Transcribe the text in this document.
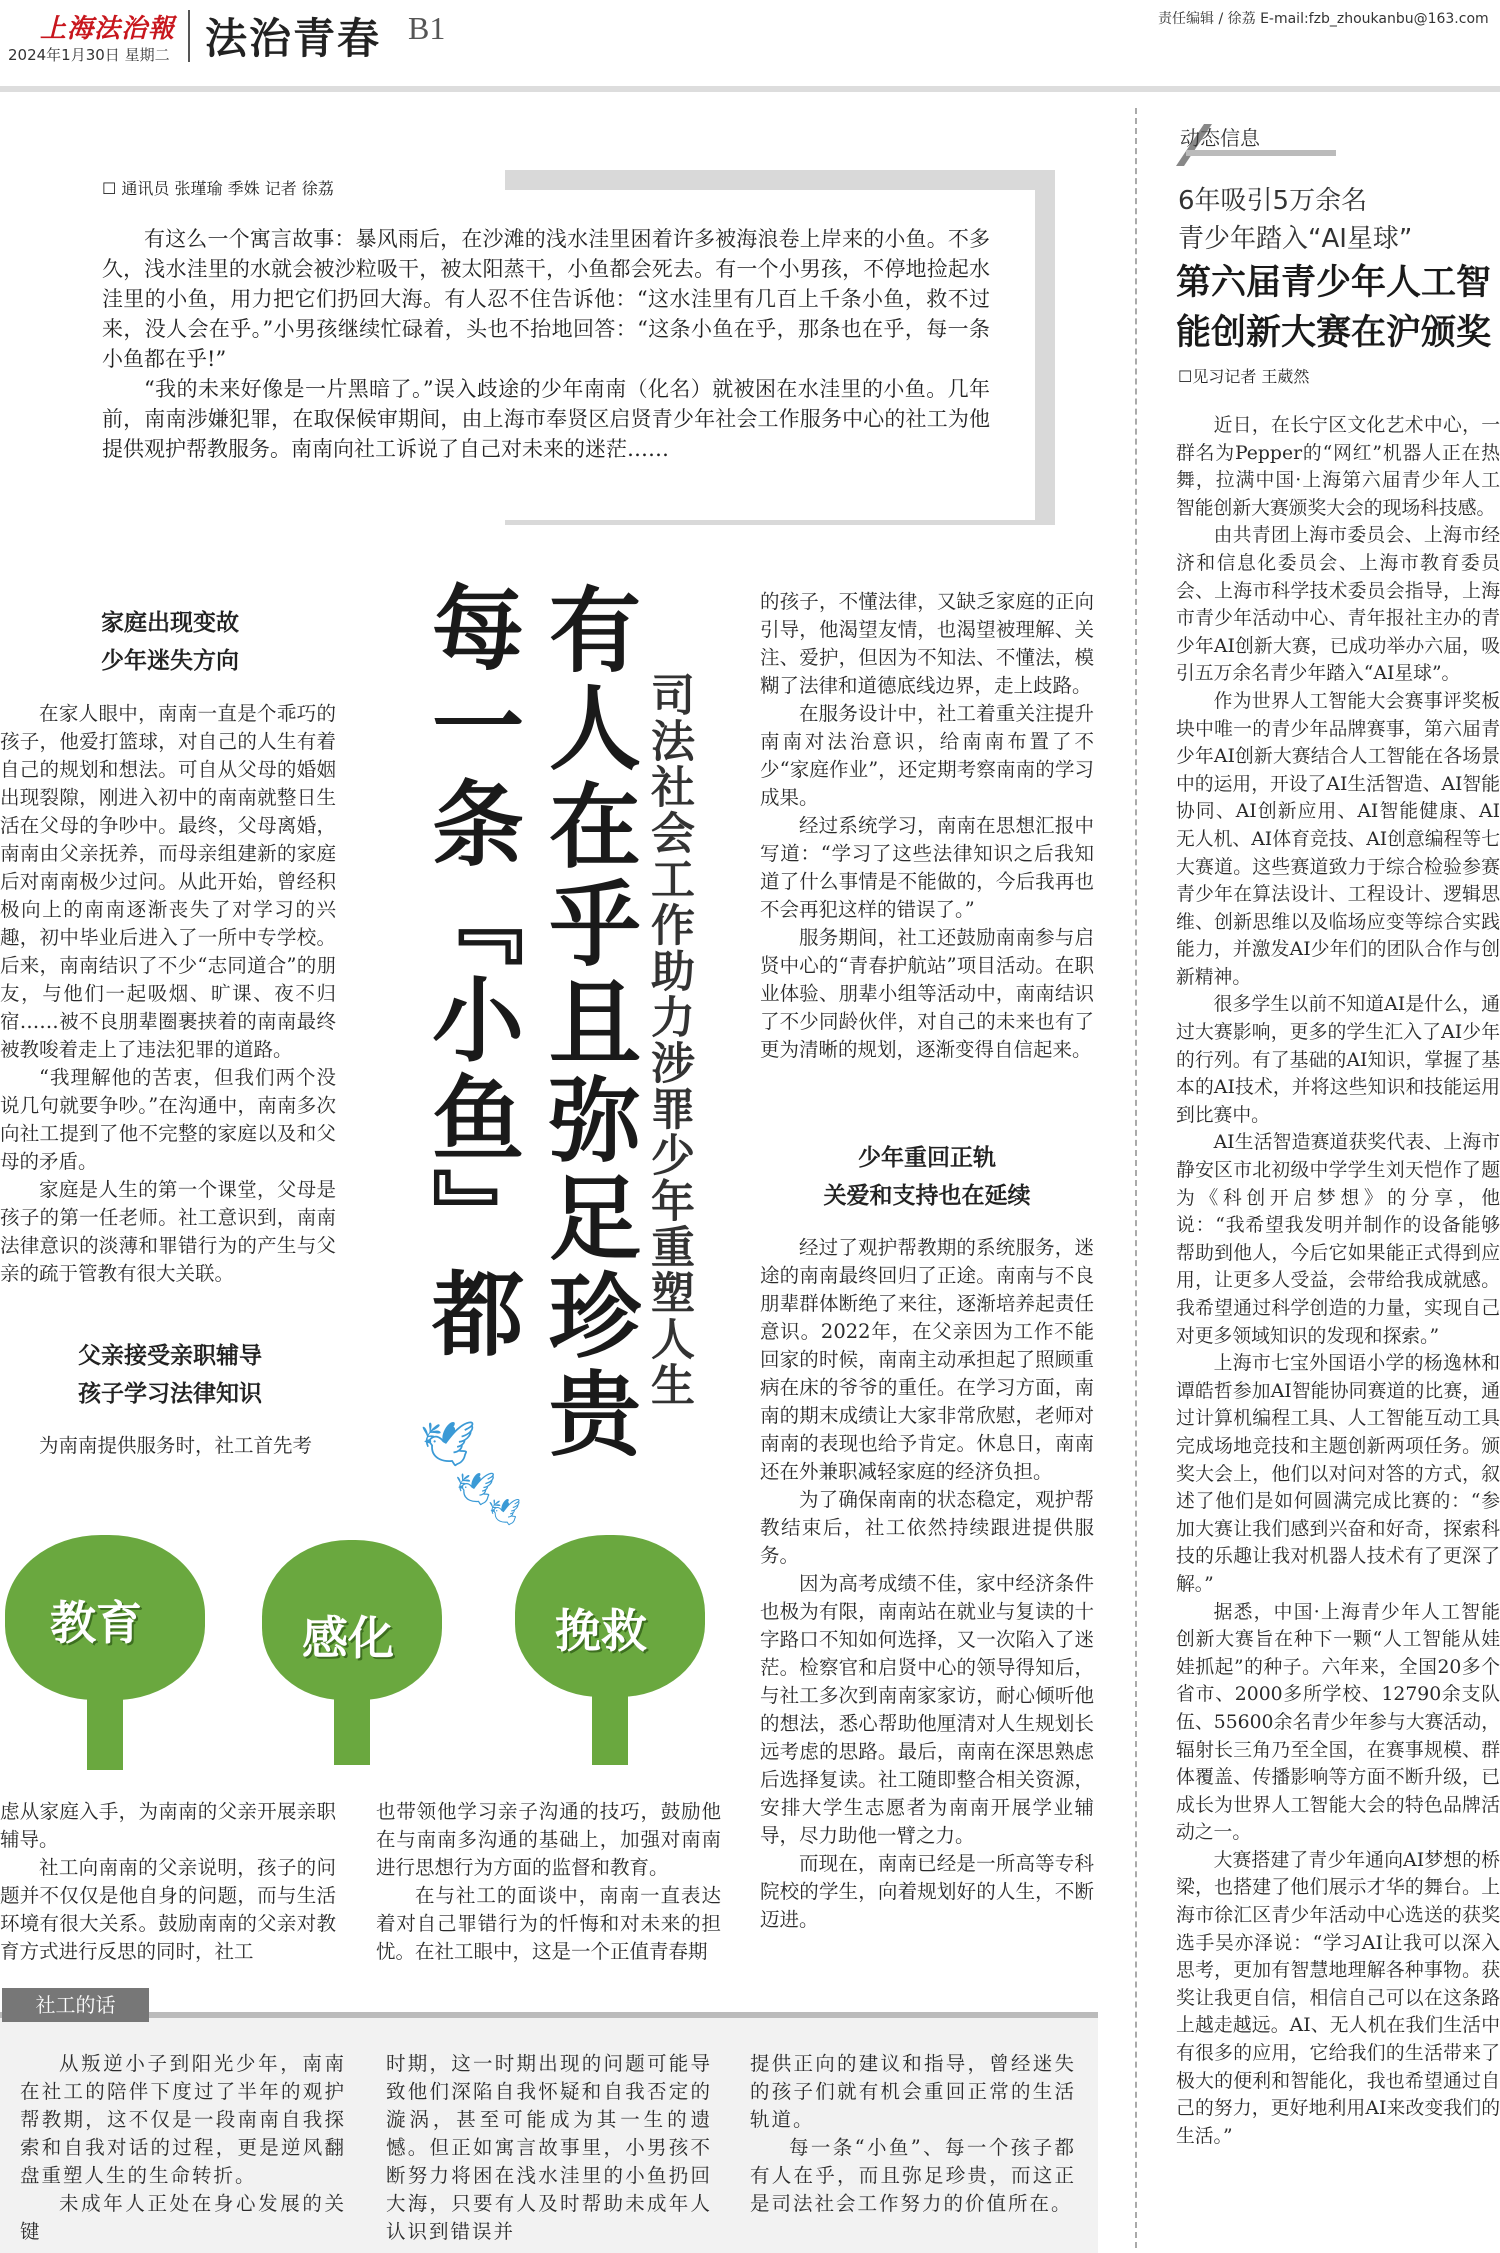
上海法治報
2024年1月30日 星期二 法治青春 B1	责任编辑 / 徐荔 E-mail:fzb_zhoukanbu@163.com
☐ 通讯员 张瑾瑜 季姝 记者 徐荔

有这么一个寓言故事：暴风雨后，在沙滩的浅水洼里困着许多被海浪卷上岸来的小鱼。不多久，浅水洼里的水就会被沙粒吸干，被太阳蒸干，小鱼都会死去。有一个小男孩，不停地捡起水洼里的小鱼，用力把它们扔回大海。有人忍不住告诉他：“这水洼里有几百上千条小鱼，救不过来，没人会在乎。”小男孩继续忙碌着，头也不抬地回答：“这条小鱼在乎，那条也在乎，每一条小鱼都在乎!”

“我的未来好像是一片黑暗了。”误入歧途的少年南南（化名）就被困在水洼里的小鱼。几年前，南南涉嫌犯罪，在取保候审期间，由上海市奉贤区启贤青少年社会工作服务中心的社工为他提供观护帮教服务。南南向社工诉说了自己对未来的迷茫……

有人在乎且弥足珍贵
每一条『小鱼』都	司法社会工作助力涉罪少年重塑人生
家庭出现变故
少年迷失方向

在家人眼中，南南一直是个乖巧的孩子，他爱打篮球，对自己的人生有着自己的规划和想法。可自从父母的婚姻出现裂隙，刚进入初中的南南就整日生活在父母的争吵中。最终，父母离婚，南南由父亲抚养，而母亲组建新的家庭后对南南极少过问。从此开始，曾经积极向上的南南逐渐丧失了对学习的兴趣，初中毕业后进入了一所中专学校。后来，南南结识了不少“志同道合”的朋友，与他们一起吸烟、旷课、夜不归宿……被不良朋辈圈裹挟着的南南最终被教唆着走上了违法犯罪的道路。

“我理解他的苦衷，但我们两个没说几句就要争吵。”在沟通中，南南多次向社工提到了他不完整的家庭以及和父母的矛盾。

家庭是人生的第一个课堂，父母是孩子的第一任老师。社工意识到，南南法律意识的淡薄和罪错行为的产生与父亲的疏于管教有很大关联。

父亲接受亲职辅导
孩子学习法律知识

为南南提供服务时，社工首先考

的孩子，不懂法律，又缺乏家庭的正向引导，他渴望友情，也渴望被理解、关注、爱护，但因为不知法、不懂法，模糊了法律和道德底线边界，走上歧路。

在服务设计中，社工着重关注提升南南对法治意识，给南南布置了不少“家庭作业”，还定期考察南南的学习成果。

经过系统学习，南南在思想汇报中写道：“学习了这些法律知识之后我知道了什么事情是不能做的，今后我再也不会再犯这样的错误了。”

服务期间，社工还鼓励南南参与启贤中心的“青春护航站”项目活动。在职业体验、朋辈小组等活动中，南南结识了不少同龄伙伴，对自己的未来也有了更为清晰的规划，逐渐变得自信起来。

少年重回正轨
关爱和支持也在延续

经过了观护帮教期的系统服务，迷途的南南最终回归了正途。南南与不良朋辈群体断绝了来往，逐渐培养起责任意识。2022年，在父亲因为工作不能回家的时候，南南主动承担起了照顾重病在床的爷爷的重任。在学习方面，南南的期末成绩让大家非常欣慰，老师对南南的表现也给予肯定。休息日，南南还在外兼职减轻家庭的经济负担。

为了确保南南的状态稳定，观护帮教结束后，社工依然持续跟进提供服务。

因为高考成绩不佳，家中经济条件也极为有限，南南站在就业与复读的十字路口不知如何选择，又一次陷入了迷茫。检察官和启贤中心的领导得知后，与社工多次到南南家家访，耐心倾听他的想法，悉心帮助他厘清对人生规划长远考虑的思路。最后，南南在深思熟虑后选择复读。社工随即整合相关资源，安排大学生志愿者为南南开展学业辅导，尽力助他一臂之力。

而现在，南南已经是一所高等专科院校的学生，向着规划好的人生，不断迈进。

🕊
🕊
🕊
教育	感化	挽救

虑从家庭入手，为南南的父亲开展亲职辅导。

社工向南南的父亲说明，孩子的问题并不仅仅是他自身的问题，而与生活环境有很大关系。鼓励南南的父亲对教育方式进行反思的同时，社工

也带领他学习亲子沟通的技巧，鼓励他在与南南多沟通的基础上，加强对南南进行思想行为方面的监督和教育。

在与社工的面谈中，南南一直表达着对自己罪错行为的忏悔和对未来的担忧。在社工眼中，这是一个正值青春期

社工的话

从叛逆小子到阳光少年，南南在社工的陪伴下度过了半年的观护帮教期，这不仅是一段南南自我探索和自我对话的过程，更是逆风翻盘重塑人生的生命转折。

未成年人正处在身心发展的关键

时期，这一时期出现的问题可能导致他们深陷自我怀疑和自我否定的漩涡，甚至可能成为其一生的遗憾。但正如寓言故事里，小男孩不断努力将困在浅水洼里的小鱼扔回大海，只要有人及时帮助未成年人认识到错误并

提供正向的建议和指导，曾经迷失的孩子们就有机会重回正常的生活轨道。

每一条“小鱼”、每一个孩子都有人在乎，而且弥足珍贵，而这正是司法社会工作努力的价值所在。

动态信息
6年吸引5万余名
青少年踏入“AI星球”
第六届青少年人工智能创新大赛在沪颁奖
☐见习记者 王葳然

近日，在长宁区文化艺术中心，一群名为Pepper的“网红”机器人正在热舞，拉满中国·上海第六届青少年人工智能创新大赛颁奖大会的现场科技感。

由共青团上海市委员会、上海市经济和信息化委员会、上海市教育委员会、上海市科学技术委员会指导，上海市青少年活动中心、青年报社主办的青少年AI创新大赛，已成功举办六届，吸引五万余名青少年踏入“AI星球”。

作为世界人工智能大会赛事评奖板块中唯一的青少年品牌赛事，第六届青少年AI创新大赛结合人工智能在各场景中的运用，开设了AI生活智造、AI智能协同、AI创新应用、AI智能健康、AI无人机、AI体育竞技、AI创意编程等七大赛道。这些赛道致力于综合检验参赛青少年在算法设计、工程设计、逻辑思维、创新思维以及临场应变等综合实践能力，并激发AI少年们的团队合作与创新精神。

很多学生以前不知道AI是什么，通过大赛影响，更多的学生汇入了AI少年的行列。有了基础的AI知识，掌握了基本的AI技术，并将这些知识和技能运用到比赛中。

AI生活智造赛道获奖代表、上海市静安区市北初级中学学生刘天恺作了题为《科创开启梦想》的分享，他说：“我希望我发明并制作的设备能够帮助到他人，今后它如果能正式得到应用，让更多人受益，会带给我成就感。我希望通过科学创造的力量，实现自己对更多领域知识的发现和探索。”

上海市七宝外国语小学的杨逸林和谭皓哲参加AI智能协同赛道的比赛，通过计算机编程工具、人工智能互动工具完成场地竞技和主题创新两项任务。颁奖大会上，他们以对问对答的方式，叙述了他们是如何圆满完成比赛的：“参加大赛让我们感到兴奋和好奇，探索科技的乐趣让我对机器人技术有了更深了解。”

据悉，中国·上海青少年人工智能创新大赛旨在种下一颗“人工智能从娃娃抓起”的种子。六年来，全国20多个省市、2000多所学校、12790余支队伍、55600余名青少年参与大赛活动，辐射长三角乃至全国，在赛事规模、群体覆盖、传播影响等方面不断升级，已成长为世界人工智能大会的特色品牌活动之一。

大赛搭建了青少年通向AI梦想的桥梁，也搭建了他们展示才华的舞台。上海市徐汇区青少年活动中心选送的获奖选手吴亦泽说：“学习AI让我可以深入思考，更加有智慧地理解各种事物。获奖让我更自信，相信自己可以在这条路上越走越远。AI、无人机在我们生活中有很多的应用，它给我们的生活带来了极大的便利和智能化，我也希望通过自己的努力，更好地利用AI来改变我们的生活。”
